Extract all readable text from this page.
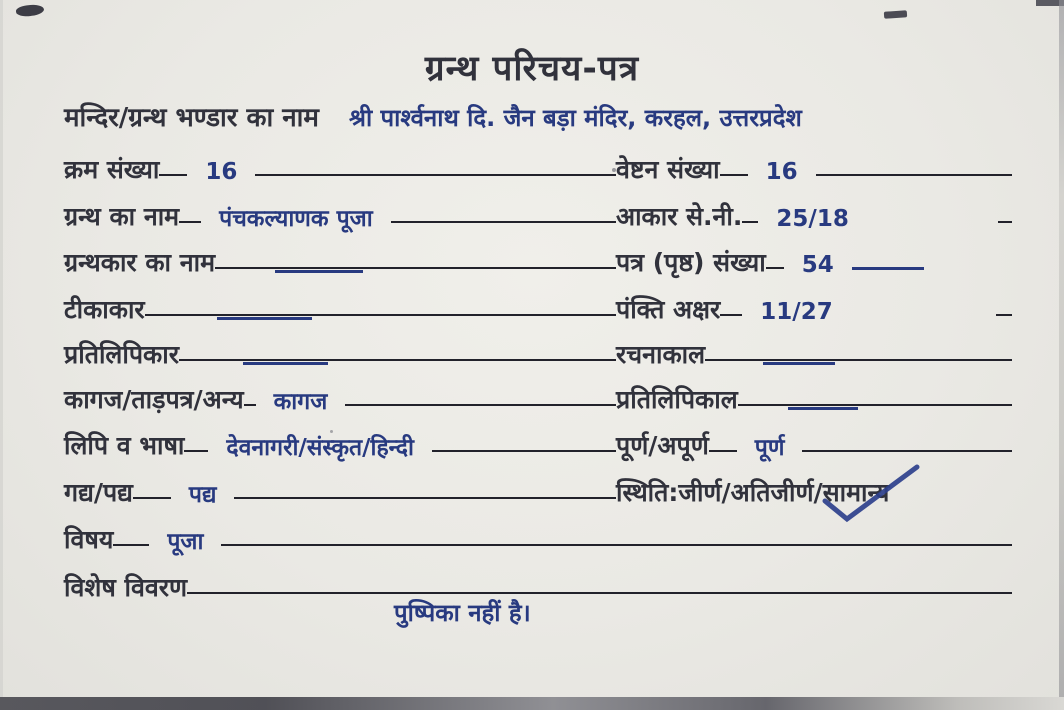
ग्रन्थ परिचय-पत्र
मन्दिर/ग्रन्थ भण्डार का नाम श्री पार्श्वनाथ दि. जैन बड़ा मंदिर, करहल, उत्तरप्रदेश
क्रम संख्या 16	वेष्टन संख्या 16
ग्रन्थ का नाम पंचकल्याणक पूजा	आकार से.नी. 25/18
ग्रन्थकार का नाम	पत्र (पृष्ठ) संख्या 54
टीकाकार	पंक्ति अक्षर 11/27
प्रतिलिपिकार	रचनाकाल
कागज/ताड़पत्र/अन्य कागज	प्रतिलिपिकाल
लिपि व भाषा देवनागरी/संस्कृत/हिन्दी	पूर्ण/अपूर्ण पूर्ण
गद्य/पद्य पद्य	स्थिति:जीर्ण/अतिजीर्ण/ सामान्य
विषय पूजा
विशेष विवरण
पुष्पिका नहीं है।
